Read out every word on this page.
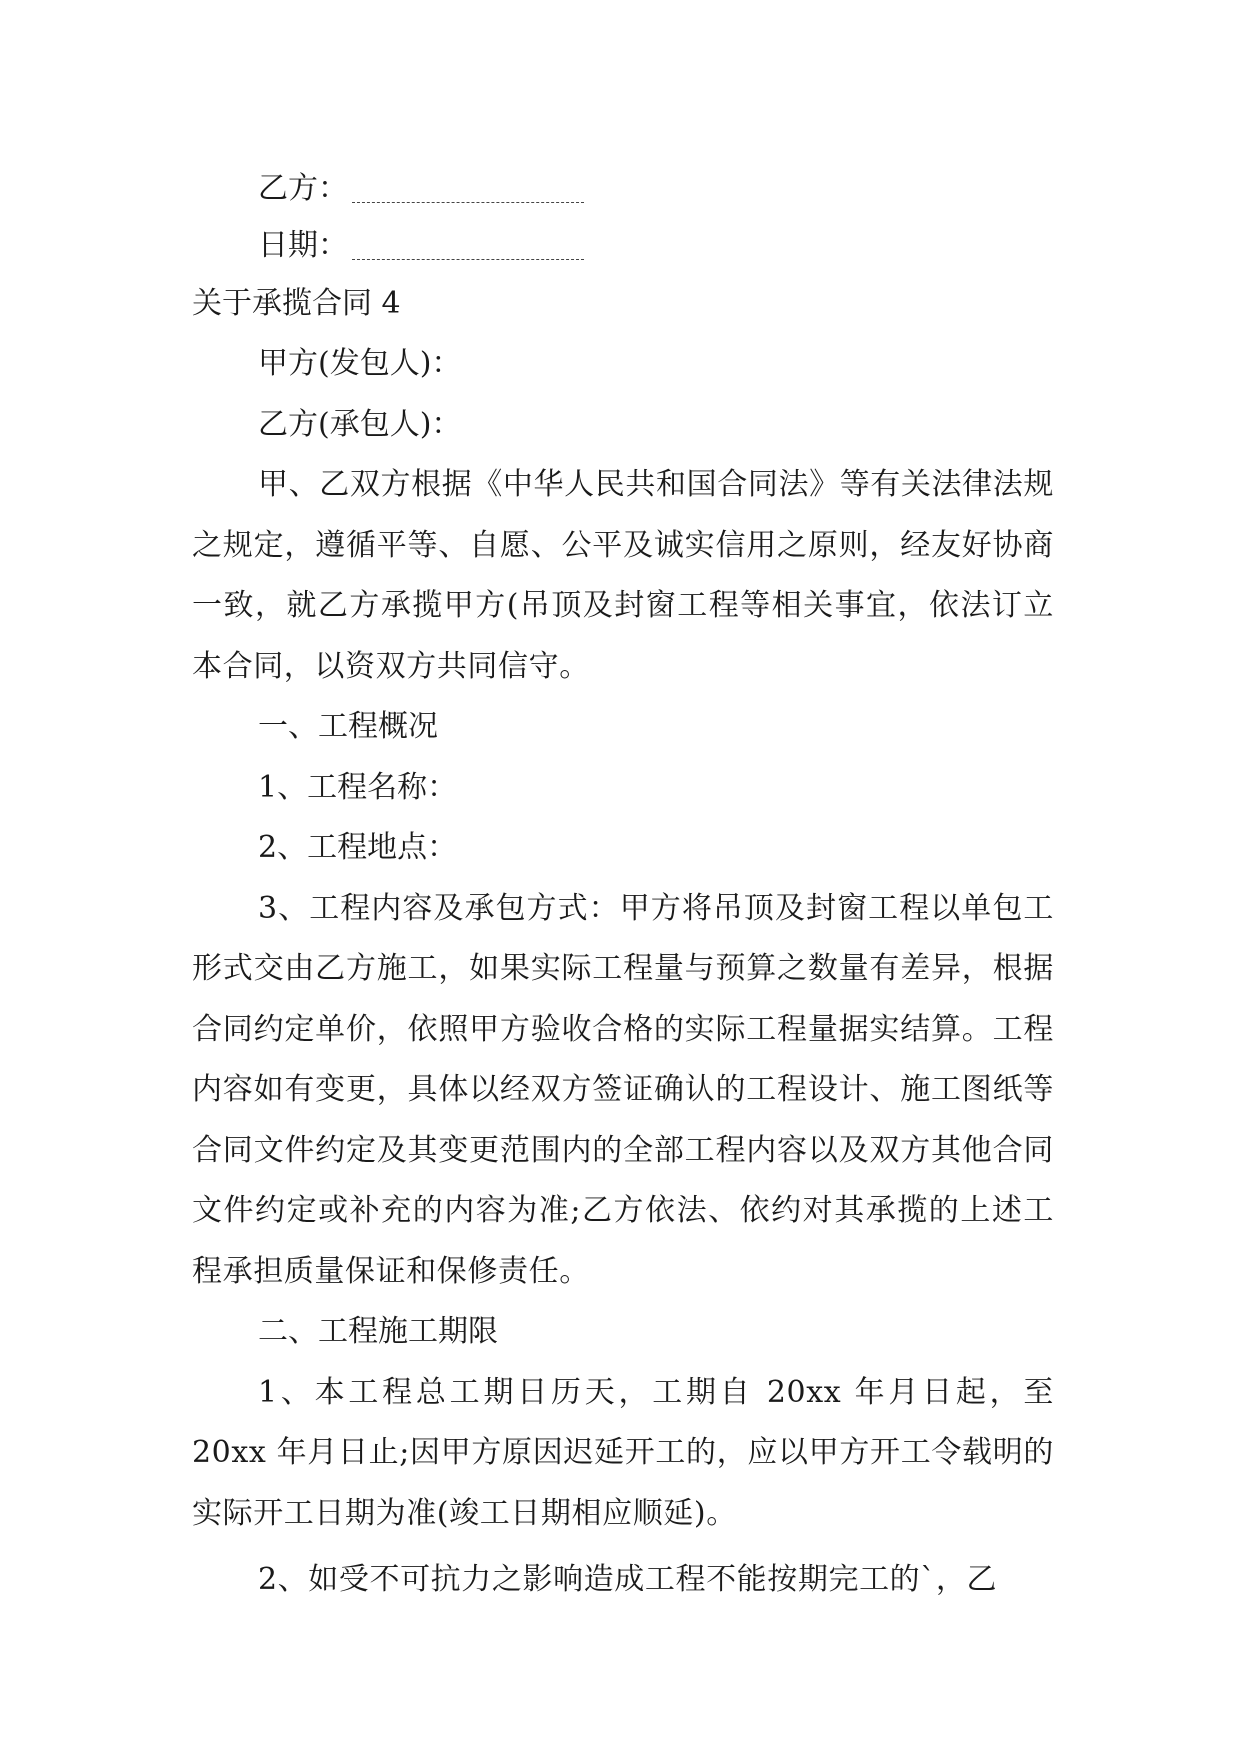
乙方：
日期：

关于承揽合同 4

甲方(发包人)：

乙方(承包人)：

甲、乙双方根据《中华人民共和国合同法》等有关法律法规之规定，遵循平等、自愿、公平及诚实信用之原则，经友好协商一致，就乙方承揽甲方(吊顶及封窗工程等相关事宜，依法订立本合同，以资双方共同信守。

一、工程概况

1、工程名称：

2、工程地点：

3、工程内容及承包方式：甲方将吊顶及封窗工程以单包工形式交由乙方施工，如果实际工程量与预算之数量有差异，根据合同约定单价，依照甲方验收合格的实际工程量据实结算。工程内容如有变更，具体以经双方签证确认的工程设计、施工图纸等合同文件约定及其变更范围内的全部工程内容以及双方其他合同文件约定或补充的内容为准;乙方依法、依约对其承揽的上述工程承担质量保证和保修责任。

二、工程施工期限

1、本工程总工期日历天，工期自 20xx 年月日起，至 20xx 年月日止;因甲方原因迟延开工的，应以甲方开工令载明的实际开工日期为准(竣工日期相应顺延)。

2、如受不可抗力之影响造成工程不能按期完工的`，乙
